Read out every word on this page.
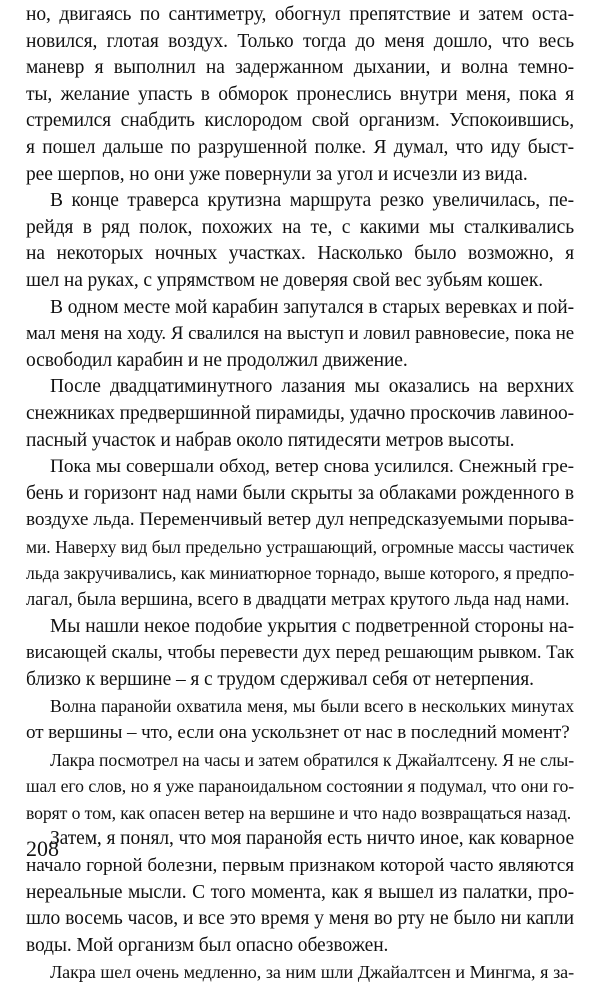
но, двигаясь по сантиметру, обогнул препятствие и затем оста-
новился, глотая воздух. Только тогда до меня дошло, что весь
маневр я выполнил на задержанном дыхании, и волна темно-
ты, желание упасть в обморок пронеслись внутри меня, пока я
стремился снабдить кислородом свой организм. Успокоившись,
я пошел дальше по разрушенной полке. Я думал, что иду быст-
рее шерпов, но они уже повернули за угол и исчезли из вида.
В конце траверса крутизна маршрута резко увеличилась, пе-
рейдя в ряд полок, похожих на те, с какими мы сталкивались
на некоторых ночных участках. Насколько было возможно, я
шел на руках, с упрямством не доверяя свой вес зубьям кошек.
В одном месте мой карабин запутался в старых веревках и пой-
мал меня на ходу. Я свалился на выступ и ловил равновесие, пока не
освободил карабин и не продолжил движение.
После двадцатиминутного лазания мы оказались на верхних
снежниках предвершинной пирамиды, удачно проскочив лавиноо-
пасный участок и набрав около пятидесяти метров высоты.
Пока мы совершали обход, ветер снова усилился. Снежный гре-
бень и горизонт над нами были скрыты за облаками рожденного в
воздухе льда. Переменчивый ветер дул непредсказуемыми порыва-
ми. Наверху вид был предельно устрашающий, огромные массы частичек
льда закручивались, как миниатюрное торнадо, выше которого, я предпо-
лагал, была вершина, всего в двадцати метрах крутого льда над нами.
Мы нашли некое подобие укрытия с подветренной стороны на-
висающей скалы, чтобы перевести дух перед решающим рывком. Так
близко к вершине – я с трудом сдерживал себя от нетерпения.
Волна паранойи охватила меня, мы были всего в нескольких минутах
от вершины – что, если она ускользнет от нас в последний момент?
Лакра посмотрел на часы и затем обратился к Джайалтсену. Я не слы-
шал его слов, но я уже параноидальном состоянии я подумал, что они го-
ворят о том, как опасен ветер на вершине и что надо возвращаться назад.
Затем, я понял, что моя паранойя есть ничто иное, как коварное
начало горной болезни, первым признаком которой часто являются
нереальные мысли. С того момента, как я вышел из палатки, про-
шло восемь часов, и все это время у меня во рту не было ни капли
воды. Мой организм был опасно обезвожен.
Лакра шел очень медленно, за ним шли Джайалтсен и Мингма, я за-
208
